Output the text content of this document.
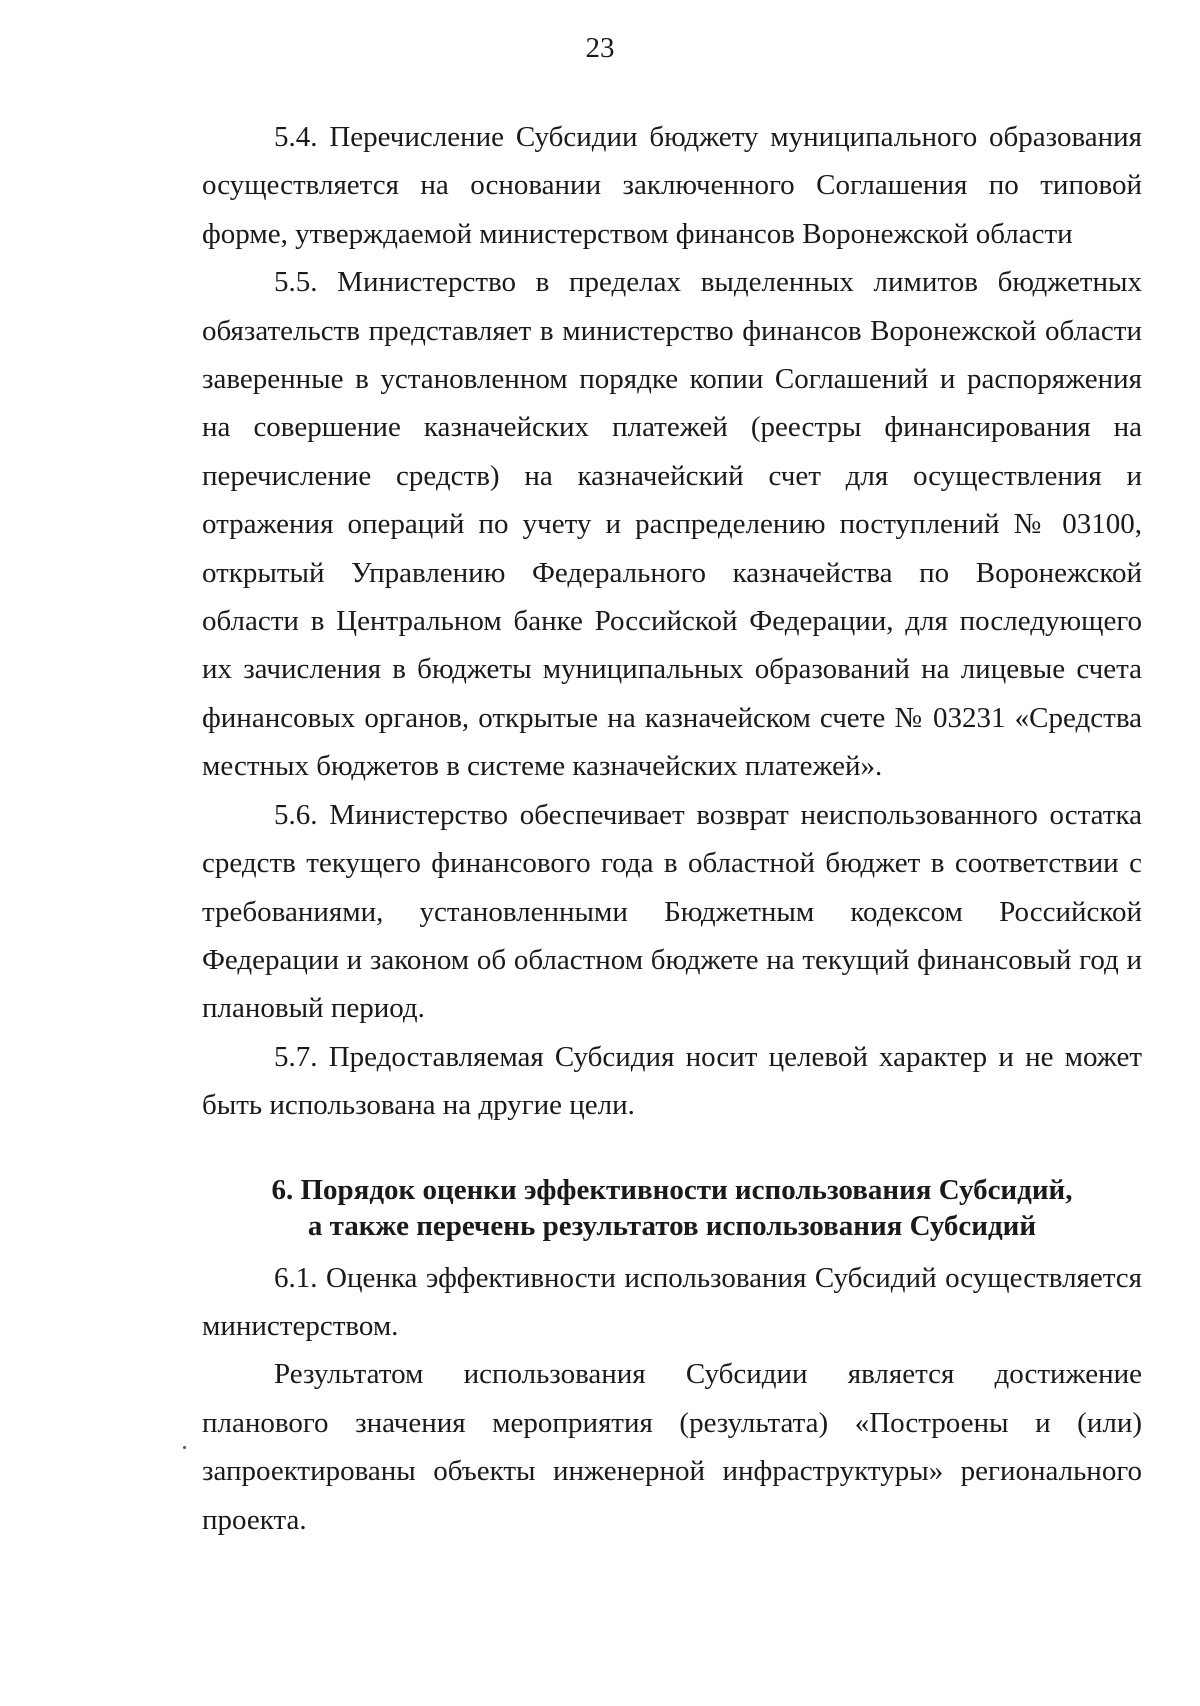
23

5.4. Перечисление Субсидии бюджету муниципального образования осуществляется на основании заключенного Соглашения по типовой форме, утверждаемой министерством финансов Воронежской области

5.5. Министерство в пределах выделенных лимитов бюджетных обязательств представляет в министерство финансов Воронежской области заверенные в установленном порядке копии Соглашений и распоряжения на совершение казначейских платежей (реестры финансирования на перечисление средств) на казначейский счет для осуществления и отражения операций по учету и распределению поступлений № 03100, открытый Управлению Федерального казначейства по Воронежской области в Центральном банке Российской Федерации, для последующего их зачисления в бюджеты муниципальных образований на лицевые счета финансовых органов, открытые на казначейском счете № 03231 «Средства местных бюджетов в системе казначейских платежей».

5.6. Министерство обеспечивает возврат неиспользованного остатка средств текущего финансового года в областной бюджет в соответствии с требованиями, установленными Бюджетным кодексом Российской Федерации и законом об областном бюджете на текущий финансовый год и плановый период.

5.7. Предоставляемая Субсидия носит целевой характер и не может быть использована на другие цели.

6. Порядок оценки эффективности использования Субсидий,
а также перечень результатов использования Субсидий

6.1. Оценка эффективности использования Субсидий осуществляется министерством.

Результатом использования Субсидии является достижение планового значения мероприятия (результата) «Построены и (или) запроектированы объекты инженерной инфраструктуры» регионального проекта.
